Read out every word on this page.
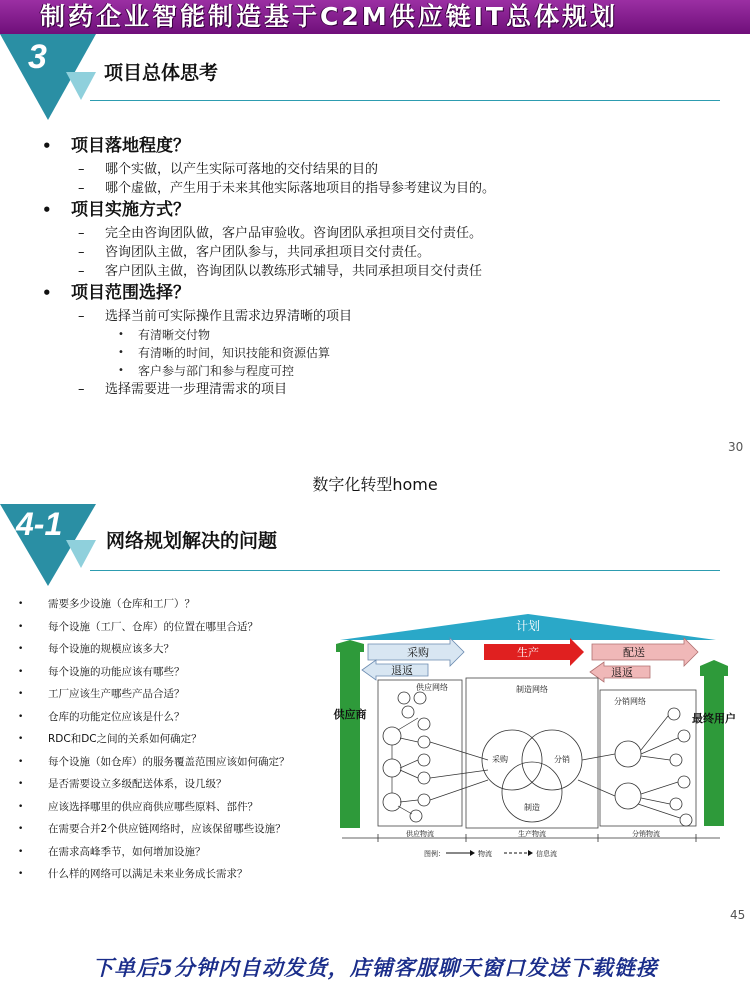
制药企业智能制造基于C2M供应链IT总体规划
3	项目总体思考
• 项目落地程度？
– 哪个实做，以产生实际可落地的交付结果的目的
– 哪个虚做，产生用于未来其他实际落地项目的指导参考建议为目的。
• 项目实施方式？
– 完全由咨询团队做，客户品审验收。咨询团队承担项目交付责任。
– 咨询团队主做，客户团队参与，共同承担项目交付责任。
– 客户团队主做，咨询团队以教练形式辅导，共同承担项目交付责任
• 项目范围选择？
– 选择当前可实际操作且需求边界清晰的项目
• 有清晰交付物
• 有清晰的时间，知识技能和资源估算
• 客户参与部门和参与程度可控
– 选择需要进一步理清需求的项目
30
数字化转型home
4-1 网络规划解决的问题
• 需要多少设施（仓库和工厂）？
• 每个设施（工厂、仓库）的位置在哪里合适？
• 每个设施的规模应该多大？
• 每个设施的功能应该有哪些？
• 工厂应该生产哪些产品合适？
• 仓库的功能定位应该是什么？
• RDC和DC之间的关系如何确定？
• 每个设施（如仓库）的服务覆盖范围应该如何确定？
• 是否需要设立多级配送体系，设几级？
• 应该选择哪里的供应商供应哪些原料、部件？
• 在需要合并2个供应链网络时，应该保留哪些设施？
• 在需求高峰季节，如何增加设施？
• 什么样的网络可以满足未来业务成长需求？
计划
供应商	最终用户
采购	生产	配送
退返	退返
供应网络	制造网络
分销网络
采购	分销
制造
供应物流	生产物流	分销物流
图例：	物流	信息流
45
下单后5分钟内自动发货，店铺客服聊天窗口发送下载链接
